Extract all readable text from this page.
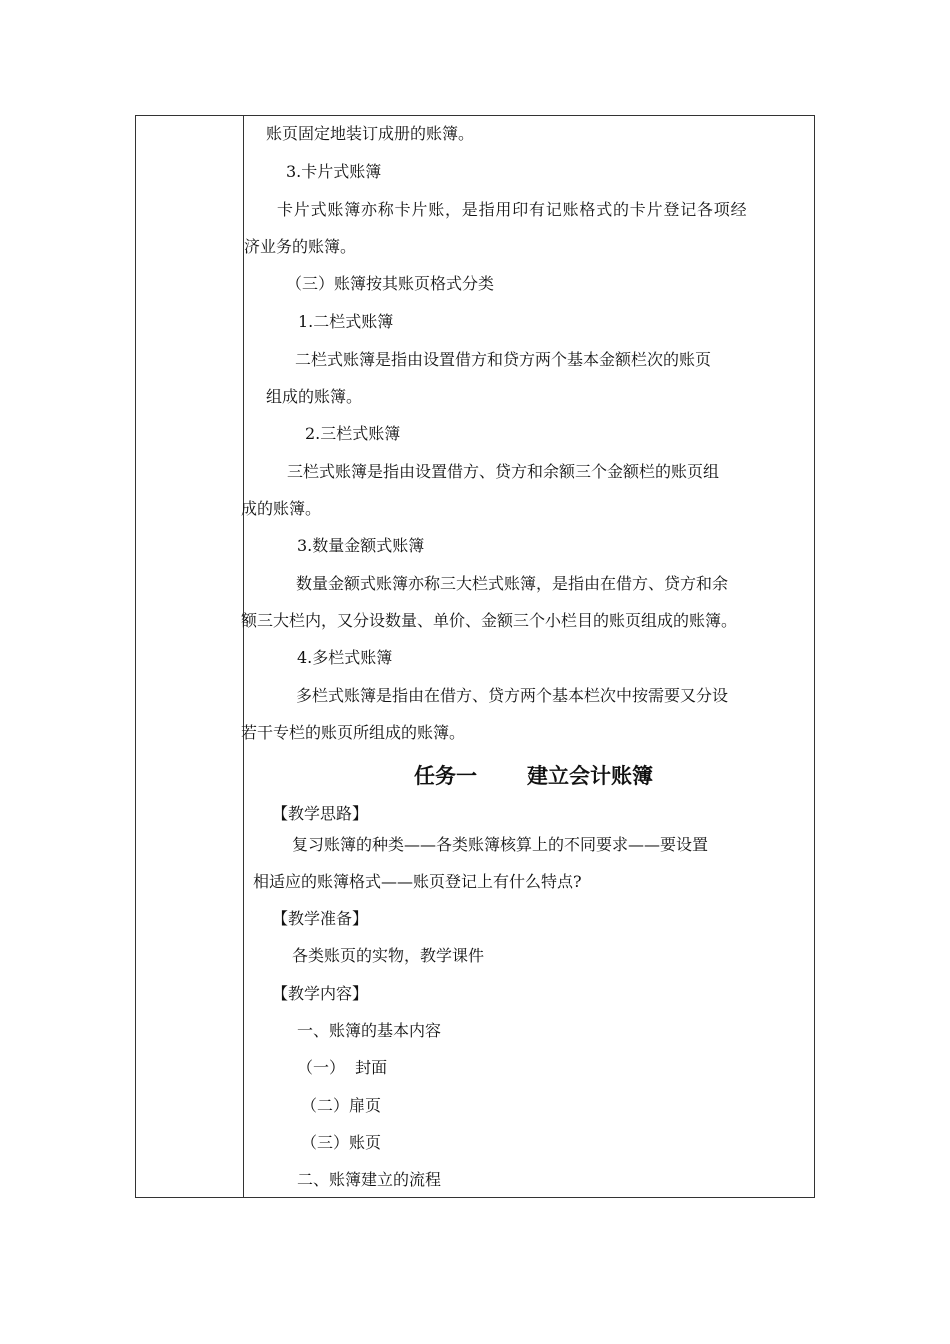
账页固定地装订成册的账簿。
3.卡片式账簿
卡片式账簿亦称卡片账，是指用印有记账格式的卡片登记各项经
济业务的账簿。
（三）账簿按其账页格式分类
1.二栏式账簿
二栏式账簿是指由设置借方和贷方两个基本金额栏次的账页
组成的账簿。
2.三栏式账簿
三栏式账簿是指由设置借方、贷方和余额三个金额栏的账页组
成的账簿。
3.数量金额式账簿
数量金额式账簿亦称三大栏式账簿，是指由在借方、贷方和余
额三大栏内，又分设数量、单价、金额三个小栏目的账页组成的账簿。
4.多栏式账簿
多栏式账簿是指由在借方、贷方两个基本栏次中按需要又分设
若干专栏的账页所组成的账簿。
任务一 建立会计账簿
【教学思路】
复习账簿的种类——各类账簿核算上的不同要求——要设置
相适应的账簿格式——账页登记上有什么特点?
【教学准备】
各类账页的实物，教学课件
【教学内容】
一、账簿的基本内容
（一）  封面
（二）扉页
（三）账页
二、账簿建立的流程
